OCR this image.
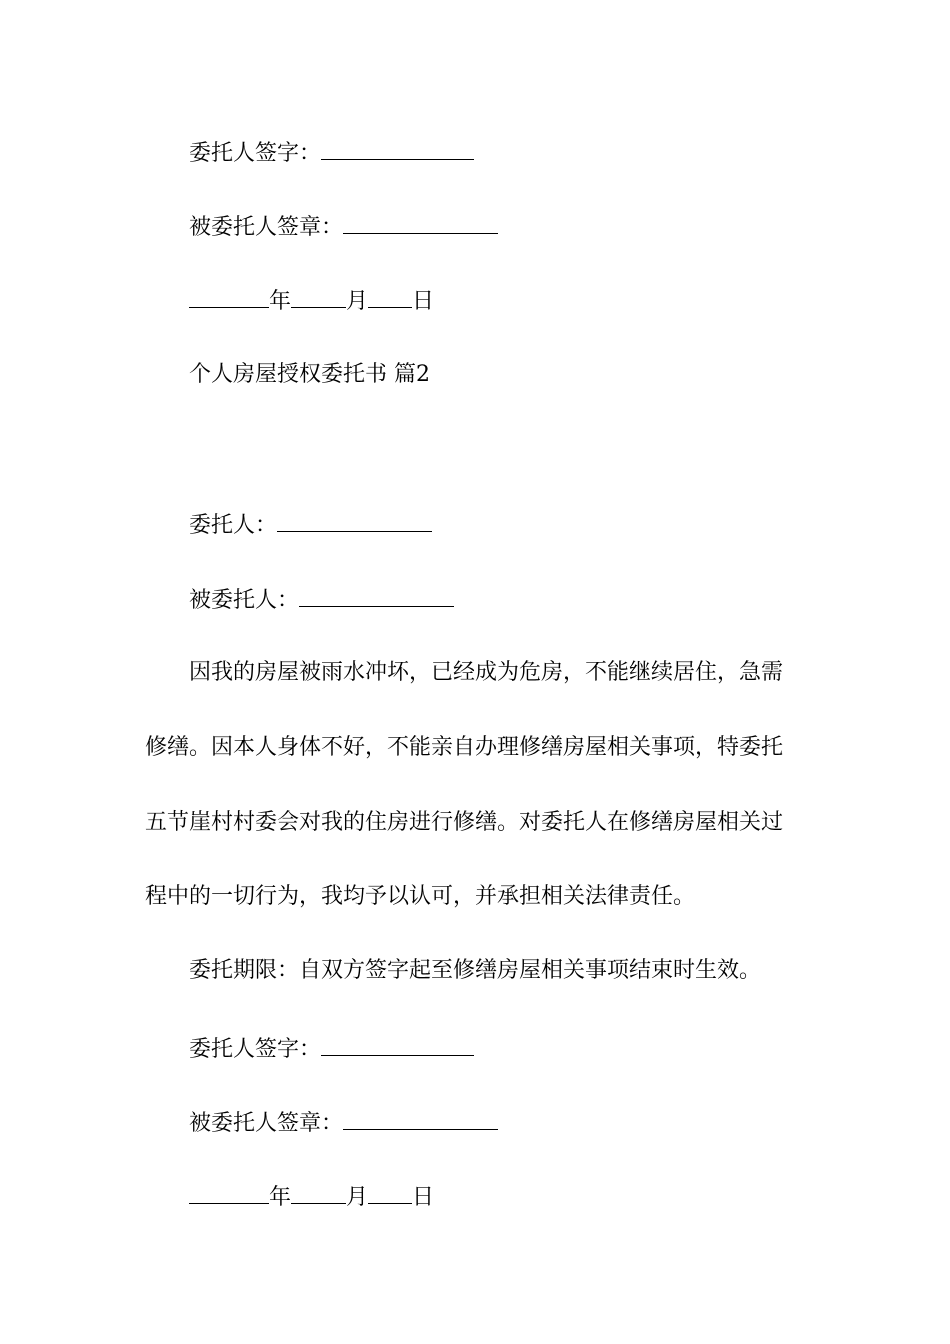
委托人签字：
被委托人签章：
年	月 日
个人房屋授权委托书 篇2
委托人：
被委托人：
因我的房屋被雨水冲坏，已经成为危房，不能继续居住，急需
修缮。因本人身体不好，不能亲自办理修缮房屋相关事项，特委托
五节崖村村委会对我的住房进行修缮。对委托人在修缮房屋相关过
程中的一切行为，我均予以认可，并承担相关法律责任。
委托期限：自双方签字起至修缮房屋相关事项结束时生效。
委托人签字：
被委托人签章：
年	月 日
